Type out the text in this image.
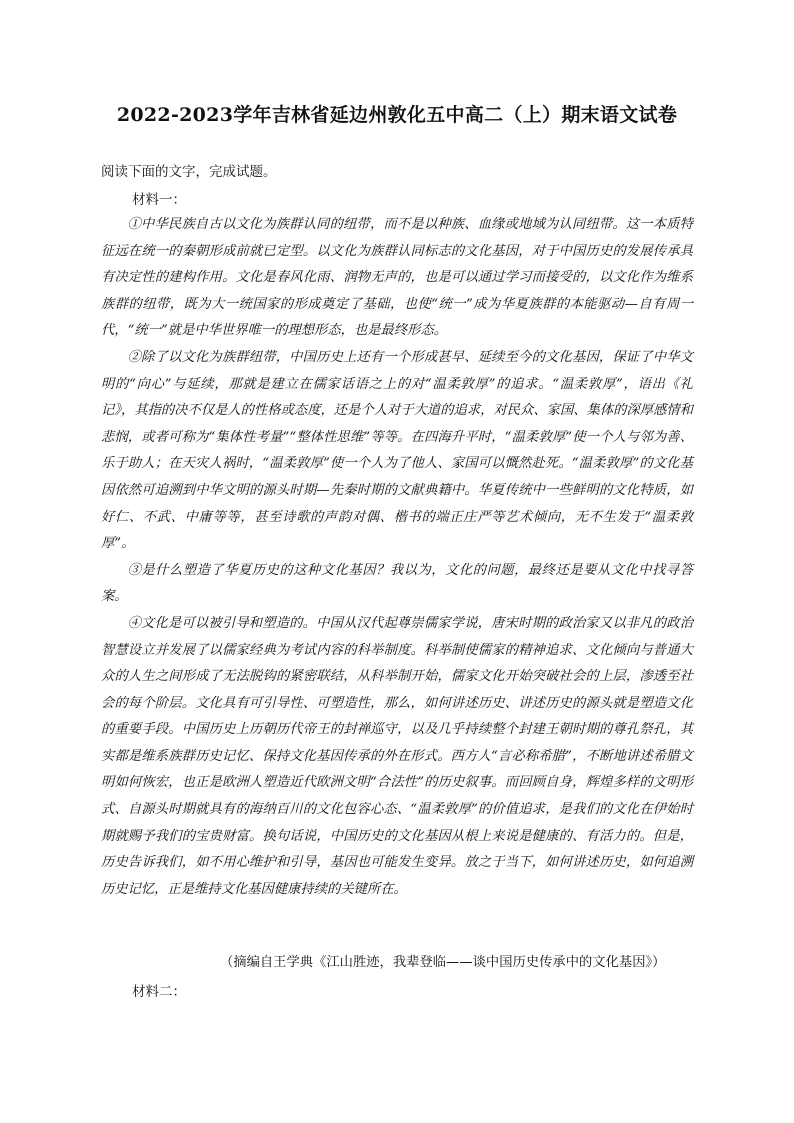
2022-2023学年吉林省延边州敦化五中高二（上）期末语文试卷

阅读下面的文字，完成试题。

材料一：

①中华民族自古以文化为族群认同的纽带，而不是以种族、血缘或地域为认同纽带。这一本质特征远在统一的秦朝形成前就已定型。以文化为族群认同标志的文化基因，对于中国历史的发展传承具有决定性的建构作用。文化是春风化雨、润物无声的，也是可以通过学习而接受的，以文化作为维系族群的纽带，既为大一统国家的形成奠定了基础，也使“统一”成为华夏族群的本能驱动—自有周一代，“统一”就是中华世界唯一的理想形态，也是最终形态。

②除了以文化为族群纽带，中国历史上还有一个形成甚早、延续至今的文化基因，保证了中华文明的“向心”与延续，那就是建立在儒家话语之上的对“温柔敦厚”的追求。“温柔敦厚”，语出《礼记》，其指的决不仅是人的性格或态度，还是个人对于大道的追求，对民众、家国、集体的深厚感情和悲悯，或者可称为“集体性考量”“整体性思维”等等。在四海升平时，“温柔敦厚”使一个人与邻为善、乐于助人；在天灾人祸时，“温柔敦厚”使一个人为了他人、家国可以慨然赴死。“温柔敦厚”的文化基因依然可追溯到中华文明的源头时期—先秦时期的文献典籍中。华夏传统中一些鲜明的文化特质，如好仁、不武、中庸等等，甚至诗歌的声韵对偶、楷书的端正庄严等艺术倾向，无不生发于“温柔敦厚”。

③是什么塑造了华夏历史的这种文化基因？我以为，文化的问题，最终还是要从文化中找寻答案。

④文化是可以被引导和塑造的。中国从汉代起尊崇儒家学说，唐宋时期的政治家又以非凡的政治智慧设立并发展了以儒家经典为考试内容的科举制度。科举制使儒家的精神追求、文化倾向与普通大众的人生之间形成了无法脱钩的紧密联结，从科举制开始，儒家文化开始突破社会的上层，渗透至社会的每个阶层。文化具有可引导性、可塑造性，那么，如何讲述历史、讲述历史的源头就是塑造文化的重要手段。中国历史上历朝历代帝王的封禅巡守，以及几乎持续整个封建王朝时期的尊孔祭孔，其实都是维系族群历史记忆、保持文化基因传承的外在形式。西方人“言必称希腊”，不断地讲述希腊文明如何恢宏，也正是欧洲人塑造近代欧洲文明“合法性”的历史叙事。而回顾自身，辉煌多样的文明形式、自源头时期就具有的海纳百川的文化包容心态、“温柔敦厚”的价值追求，是我们的文化在伊始时期就赐予我们的宝贵财富。换句话说，中国历史的文化基因从根上来说是健康的、有活力的。但是，历史告诉我们，如不用心维护和引导，基因也可能发生变异。放之于当下，如何讲述历史，如何追溯历史记忆，正是维持文化基因健康持续的关键所在。

（摘编自王学典《江山胜迹，我辈登临——谈中国历史传承中的文化基因》）

材料二：
